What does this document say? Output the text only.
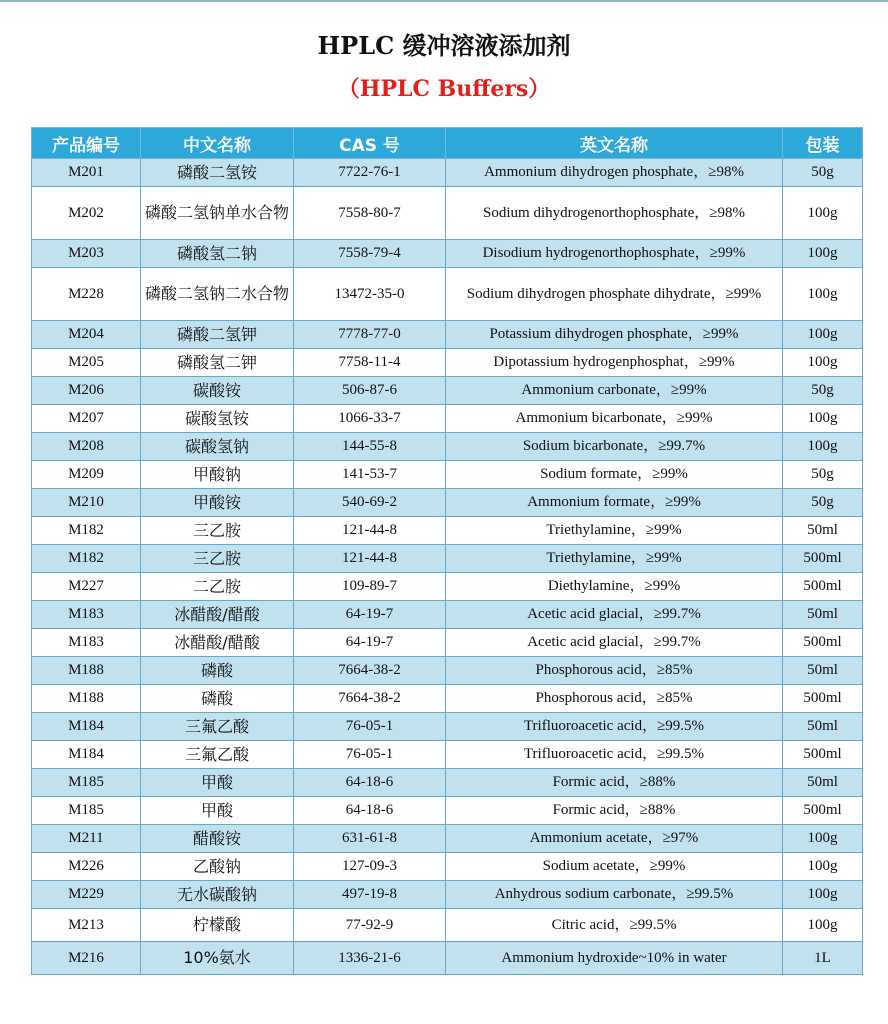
HPLC 缓冲溶液添加剂
（HPLC Buffers）
产品编号	中文名称	CAS 号	英文名称	包装
M201	磷酸二氢铵	7722-76-1	Ammonium dihydrogen phosphate，≥98%	50g
M202	磷酸二氢钠单水合物	7558-80-7	Sodium dihydrogenorthophosphate，≥98%	100g
M203	磷酸氢二钠	7558-79-4	Disodium hydrogenorthophosphate，≥99%	100g
M228	磷酸二氢钠二水合物	13472-35-0	Sodium dihydrogen phosphate dihydrate，≥99%	100g
M204	磷酸二氢钾	7778-77-0	Potassium dihydrogen phosphate，≥99%	100g
M205	磷酸氢二钾	7758-11-4	Dipotassium hydrogenphosphat，≥99%	100g
M206	碳酸铵	506-87-6	Ammonium carbonate，≥99%	50g
M207	碳酸氢铵	1066-33-7	Ammonium bicarbonate，≥99%	100g
M208	碳酸氢钠	144-55-8	Sodium bicarbonate，≥99.7%	100g
M209	甲酸钠	141-53-7	Sodium formate，≥99%	50g
M210	甲酸铵	540-69-2	Ammonium formate，≥99%	50g
M182	三乙胺	121-44-8	Triethylamine，≥99%	50ml
M182	三乙胺	121-44-8	Triethylamine，≥99%	500ml
M227	二乙胺	109-89-7	Diethylamine，≥99%	500ml
M183	冰醋酸/醋酸	64-19-7	Acetic acid glacial，≥99.7%	50ml
M183	冰醋酸/醋酸	64-19-7	Acetic acid glacial，≥99.7%	500ml
M188	磷酸	7664-38-2	Phosphorous acid，≥85%	50ml
M188	磷酸	7664-38-2	Phosphorous acid，≥85%	500ml
M184	三氟乙酸	76-05-1	Trifluoroacetic acid，≥99.5%	50ml
M184	三氟乙酸	76-05-1	Trifluoroacetic acid，≥99.5%	500ml
M185	甲酸	64-18-6	Formic acid，≥88%	50ml
M185	甲酸	64-18-6	Formic acid，≥88%	500ml
M211	醋酸铵	631-61-8	Ammonium acetate，≥97%	100g
M226	乙酸钠	127-09-3	Sodium acetate，≥99%	100g
M229	无水碳酸钠	497-19-8	Anhydrous sodium carbonate，≥99.5%	100g
M213	柠檬酸	77-92-9	Citric acid，≥99.5%	100g
M216	10%氨水	1336-21-6	Ammonium hydroxide~10% in water	1L
